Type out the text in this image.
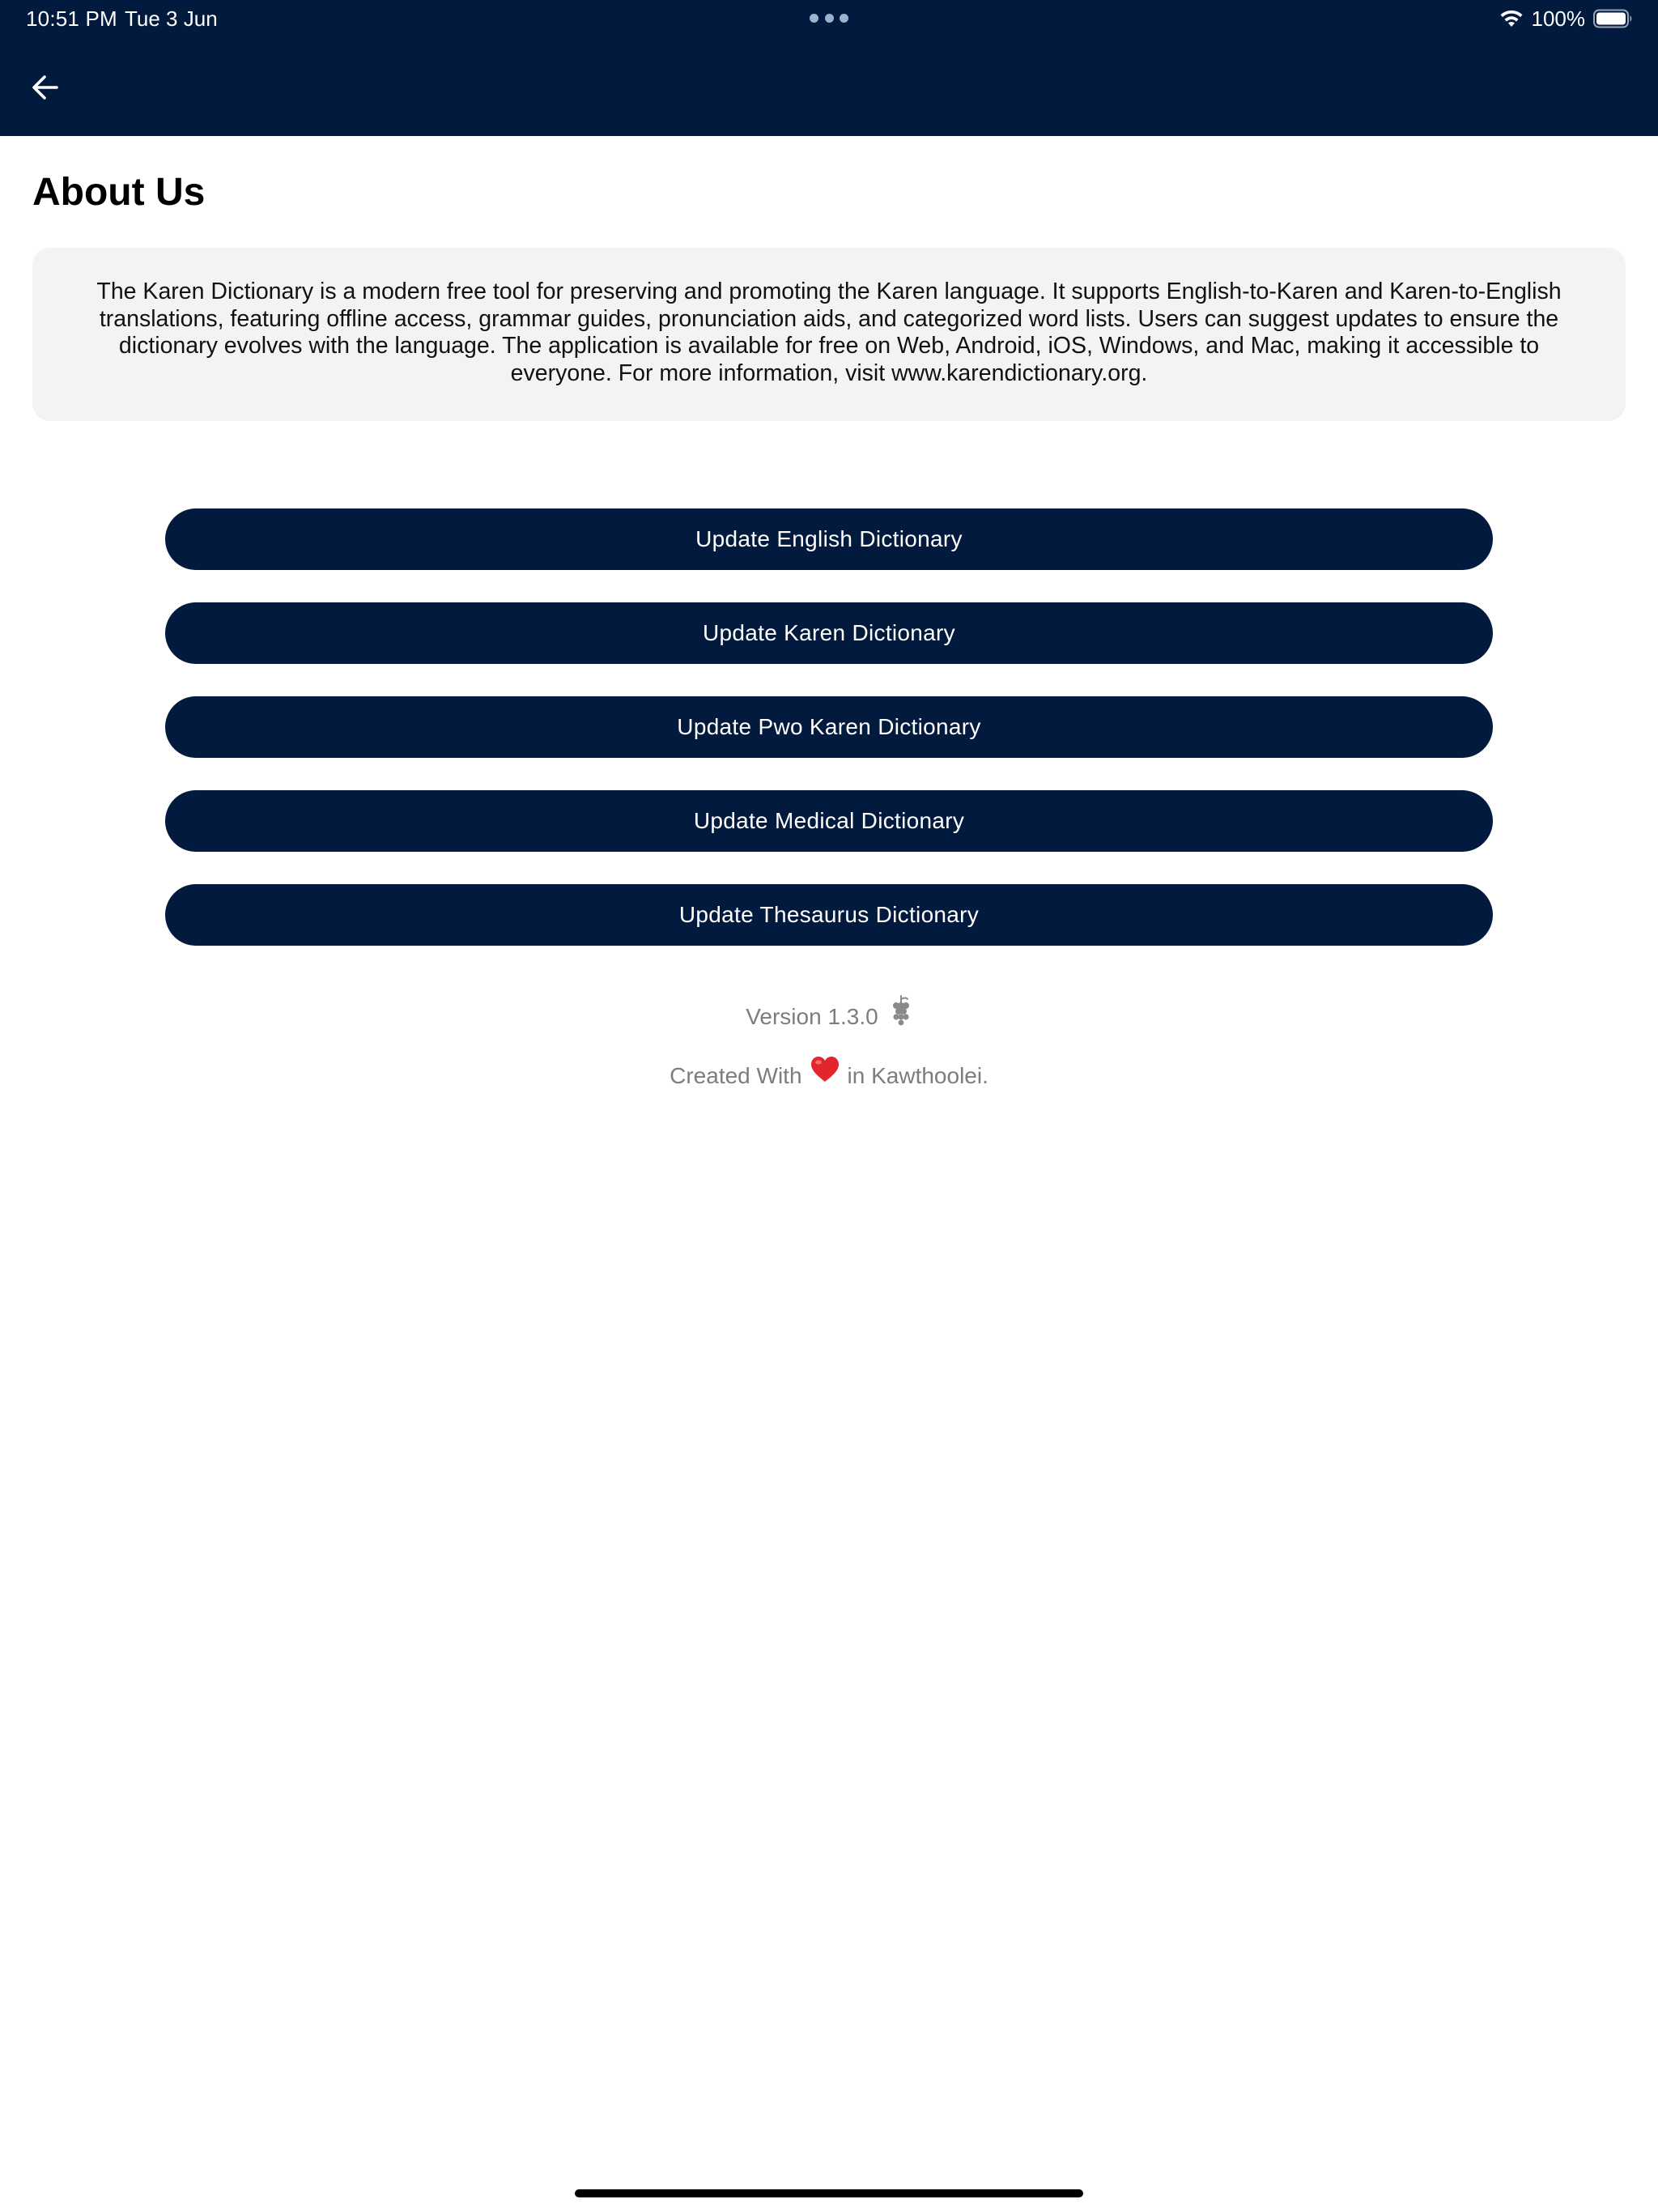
10:51 PM Tue 3 Jun	100%
About Us

The Karen Dictionary is a modern free tool for preserving and promoting the Karen language. It supports English-to-Karen and Karen-to-English translations, featuring offline access, grammar guides, pronunciation aids, and categorized word lists. Users can suggest updates to ensure the dictionary evolves with the language. The application is available for free on Web, Android, iOS, Windows, and Mac, making it accessible to everyone. For more information, visit www.karendictionary.org.

Update English Dictionary
Update Karen Dictionary
Update Pwo Karen Dictionary
Update Medical Dictionary
Update Thesaurus Dictionary
Version 1.3.0
Created With in Kawthoolei.
